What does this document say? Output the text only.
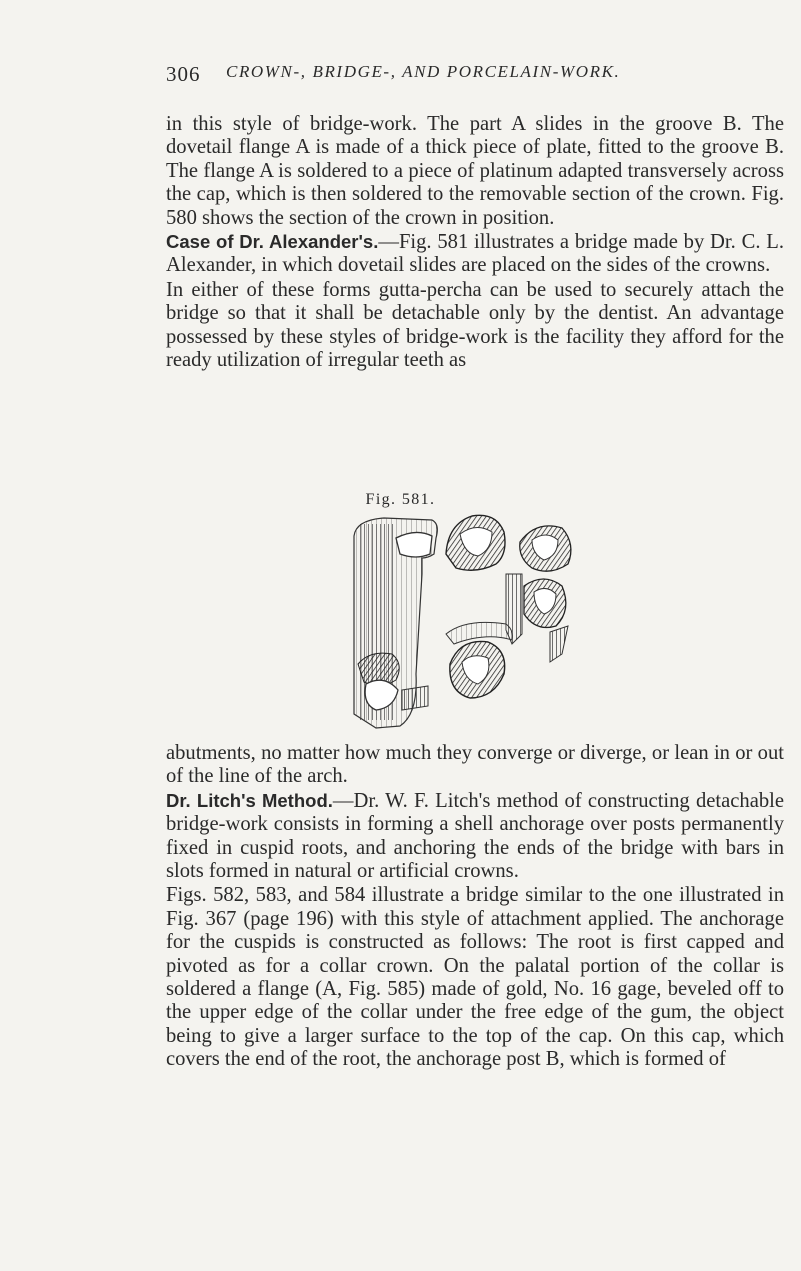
306 CROWN-, BRIDGE-, AND PORCELAIN-WORK.

in this style of bridge-work. The part A slides in the groove B. The dovetail flange A is made of a thick piece of plate, fitted to the groove B. The flange A is soldered to a piece of platinum adapted transversely across the cap, which is then soldered to the removable section of the crown. Fig. 580 shows the section of the crown in position.

Case of Dr. Alexander's.—Fig. 581 illustrates a bridge made by Dr. C. L. Alexander, in which dovetail slides are placed on the sides of the crowns.

In either of these forms gutta-percha can be used to securely attach the bridge so that it shall be detachable only by the dentist. An advantage possessed by these styles of bridge-work is the facility they afford for the ready utilization of irregular teeth as

Fig. 581.

abutments, no matter how much they converge or diverge, or lean in or out of the line of the arch.

Dr. Litch's Method.—Dr. W. F. Litch's method of constructing detachable bridge-work consists in forming a shell anchorage over posts permanently fixed in cuspid roots, and anchoring the ends of the bridge with bars in slots formed in natural or artificial crowns.

Figs. 582, 583, and 584 illustrate a bridge similar to the one illustrated in Fig. 367 (page 196) with this style of attachment applied. The anchorage for the cuspids is constructed as follows: The root is first capped and pivoted as for a collar crown. On the palatal portion of the collar is soldered a flange (A, Fig. 585) made of gold, No. 16 gage, beveled off to the upper edge of the collar under the free edge of the gum, the object being to give a larger surface to the top of the cap. On this cap, which covers the end of the root, the anchorage post B, which is formed of
